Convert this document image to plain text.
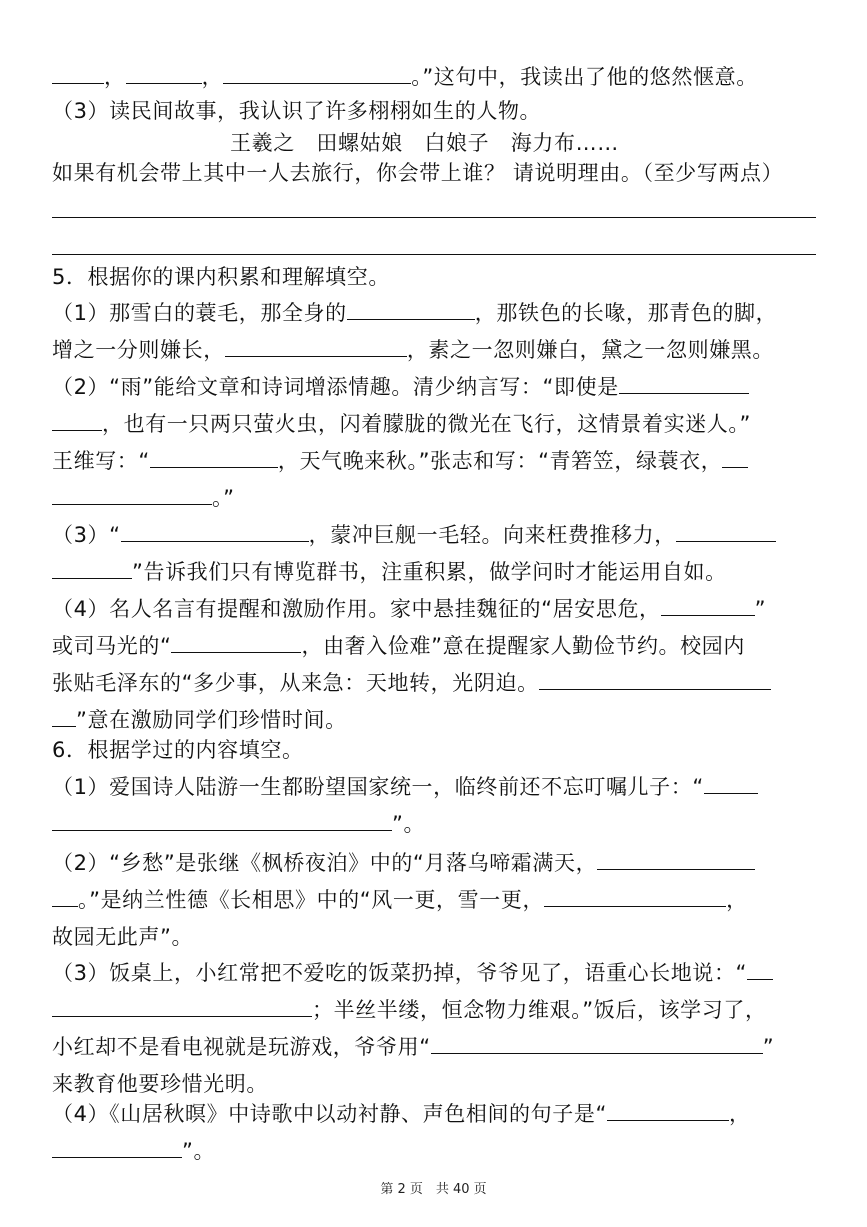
，	，	。”这句中，我读出了他的悠然惬意。
（3）读民间故事，我认识了许多栩栩如生的人物。
王羲之　田螺姑娘　白娘子　海力布……
如果有机会带上其中一人去旅行，你会带上谁？ 请说明理由。（至少写两点）
5．根据你的课内积累和理解填空。
（1）那雪白的蓑毛，那全身的	，那铁色的长喙，那青色的脚，
增之一分则嫌长，	，素之一忽则嫌白，黛之一忽则嫌黑。
（2）“雨”能给文章和诗词增添情趣。清少纳言写：“即使是
，也有一只两只萤火虫，闪着朦胧的微光在飞行，这情景着实迷人。”
王维写：“	，天气晚来秋。”张志和写：“青箬笠，绿蓑衣，
。”
（3）“	，蒙冲巨舰一毛轻。向来枉费推移力，
”告诉我们只有博览群书，注重积累，做学问时才能运用自如。
（4）名人名言有提醒和激励作用。家中悬挂魏征的“居安思危，	”
或司马光的“	，由奢入俭难”意在提醒家人勤俭节约。校园内
张贴毛泽东的“多少事，从来急：天地转，光阴迫。
”意在激励同学们珍惜时间。
6．根据学过的内容填空。
（1）爱国诗人陆游一生都盼望国家统一，临终前还不忘叮嘱儿子：“
”。
（2）“乡愁”是张继《枫桥夜泊》中的“月落乌啼霜满天，
。”是纳兰性德《长相思》中的“风一更，雪一更，	，
故园无此声”。
（3）饭桌上，小红常把不爱吃的饭菜扔掉，爷爷见了，语重心长地说：“
；半丝半缕，恒念物力维艰。”饭后，该学习了，
小红却不是看电视就是玩游戏，爷爷用“	”
来教育他要珍惜光明。
（4）《山居秋暝》中诗歌中以动衬静、声色相间的句子是“	，
”。
第 2 页　共 40 页
